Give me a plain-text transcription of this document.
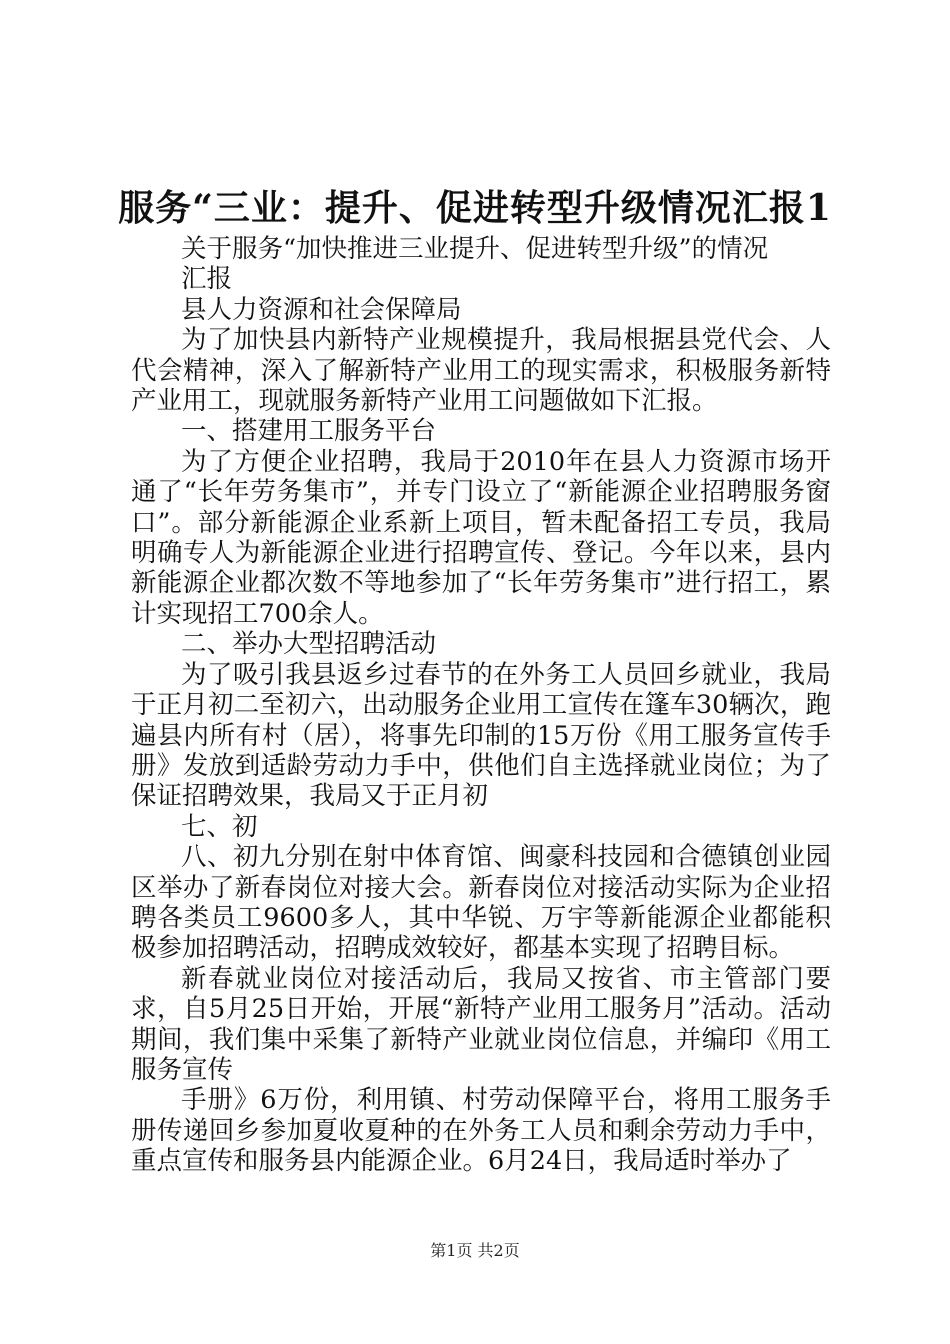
服务“三业：提升、促进转型升级情况汇报1

关于服务“加快推进三业提升、促进转型升级”的情况

汇报

县人力资源和社会保障局

为了加快县内新特产业规模提升，我局根据县党代会、人代会精神，深入了解新特产业用工的现实需求，积极服务新特产业用工，现就服务新特产业用工问题做如下汇报。

一、搭建用工服务平台

为了方便企业招聘，我局于2010年在县人力资源市场开通了“长年劳务集市”，并专门设立了“新能源企业招聘服务窗口”。部分新能源企业系新上项目，暂未配备招工专员，我局明确专人为新能源企业进行招聘宣传、登记。今年以来，县内新能源企业都次数不等地参加了“长年劳务集市”进行招工，累计实现招工700余人。

二、举办大型招聘活动

为了吸引我县返乡过春节的在外务工人员回乡就业，我局于正月初二至初六，出动服务企业用工宣传在篷车30辆次，跑遍县内所有村（居），将事先印制的15万份《用工服务宣传手册》发放到适龄劳动力手中，供他们自主选择就业岗位；为了保证招聘效果，我局又于正月初

七、初

八、初九分别在射中体育馆、闽豪科技园和合德镇创业园区举办了新春岗位对接大会。新春岗位对接活动实际为企业招聘各类员工9600多人，其中华锐、万宇等新能源企业都能积极参加招聘活动，招聘成效较好，都基本实现了招聘目标。

新春就业岗位对接活动后，我局又按省、市主管部门要求，自5月25日开始，开展“新特产业用工服务月”活动。活动期间，我们集中采集了新特产业就业岗位信息，并编印《用工服务宣传

手册》6万份，利用镇、村劳动保障平台，将用工服务手册传递回乡参加夏收夏种的在外务工人员和剩余劳动力手中，重点宣传和服务县内能源企业。6月24日，我局适时举办了

第1页 共2页
